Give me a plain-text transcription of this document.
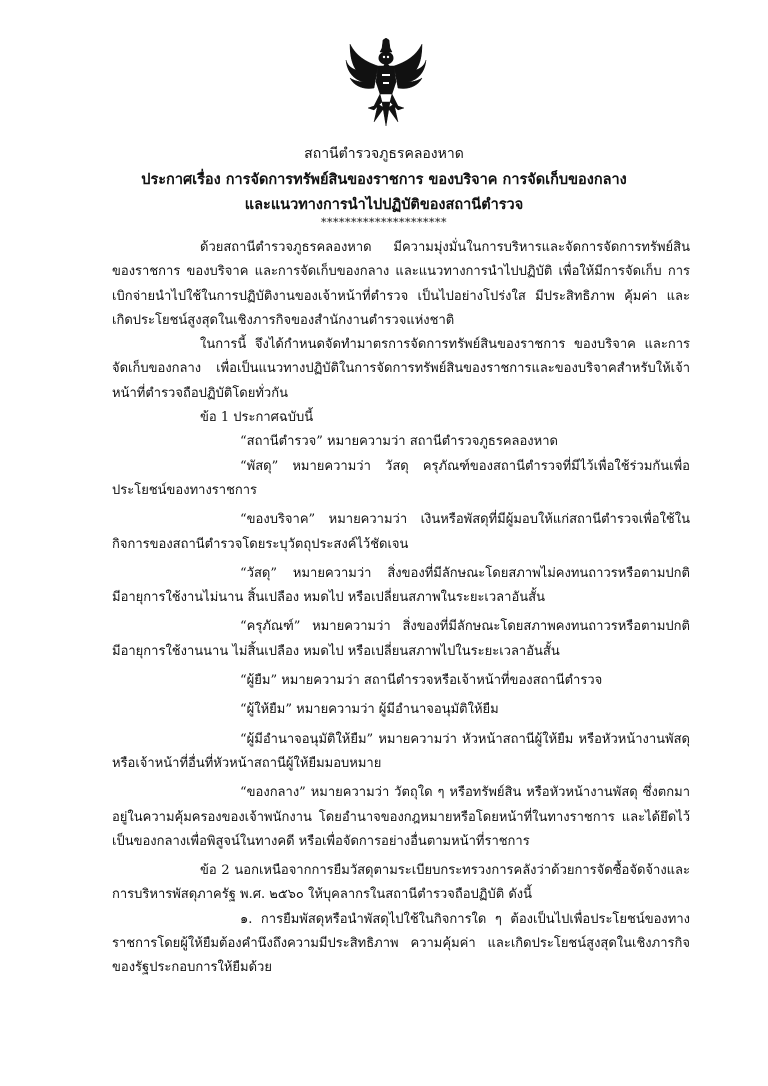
สถานีตำรวจภูธรคลองหาด
ประกาศเรื่อง การจัดการทรัพย์สินของราชการ ของบริจาค การจัดเก็บของกลาง
และแนวทางการนำไปปฏิบัติของสถานีตำรวจ
*********************

ด้วยสถานีตำรวจภูธรคลองหาด มีความมุ่งมั่นในการบริหารและจัดการจัดการทรัพย์สินของราชการ ของบริจาค และการจัดเก็บของกลาง และแนวทางการนำไปปฏิบัติ เพื่อให้มีการจัดเก็บ การเบิกจ่ายนำไปใช้ในการปฏิบัติงานของเจ้าหน้าที่ตำรวจ เป็นไปอย่างโปร่งใส มีประสิทธิภาพ คุ้มค่า และเกิดประโยชน์สูงสุดในเชิงภารกิจของสำนักงานตำรวจแห่งชาติ

ในการนี้ จึงได้กำหนดจัดทำมาตรการจัดการทรัพย์สินของราชการ ของบริจาค และการจัดเก็บของกลาง เพื่อเป็นแนวทางปฏิบัติในการจัดการทรัพย์สินของราชการและของบริจาคสำหรับให้เจ้าหน้าที่ตำรวจถือปฏิบัติโดยทั่วกัน

ข้อ 1 ประกาศฉบับนี้

“สถานีตำรวจ” หมายความว่า สถานีตำรวจภูธรคลองหาด

“พัสดุ” หมายความว่า วัสดุ ครุภัณฑ์ของสถานีตำรวจที่มีไว้เพื่อใช้ร่วมกันเพื่อประโยชน์ของทางราชการ

“ของบริจาค” หมายความว่า เงินหรือพัสดุที่มีผู้มอบให้แก่สถานีตำรวจเพื่อใช้ในกิจการของสถานีตำรวจโดยระบุวัตถุประสงค์ไว้ชัดเจน

“วัสดุ” หมายความว่า สิ่งของที่มีลักษณะโดยสภาพไม่คงทนถาวรหรือตามปกติมีอายุการใช้งานไม่นาน สิ้นเปลือง หมดไป หรือเปลี่ยนสภาพในระยะเวลาอันสั้น

“ครุภัณฑ์” หมายความว่า สิ่งของที่มีลักษณะโดยสภาพคงทนถาวรหรือตามปกติมีอายุการใช้งานนาน ไม่สิ้นเปลือง หมดไป หรือเปลี่ยนสภาพไปในระยะเวลาอันสั้น

“ผู้ยืม” หมายความว่า สถานีตำรวจหรือเจ้าหน้าที่ของสถานีตำรวจ

“ผู้ให้ยืม” หมายความว่า ผู้มีอำนาจอนุมัติให้ยืม

“ผู้มีอำนาจอนุมัติให้ยืม” หมายความว่า หัวหน้าสถานีผู้ให้ยืม หรือหัวหน้างานพัสดุหรือเจ้าหน้าที่อื่นที่หัวหน้าสถานีผู้ให้ยืมมอบหมาย

“ของกลาง” หมายความว่า วัตถุใด ๆ หรือทรัพย์สิน หรือหัวหน้างานพัสดุ ซึ่งตกมาอยู่ในความคุ้มครองของเจ้าพนักงาน โดยอำนาจของกฎหมายหรือโดยหน้าที่ในทางราชการ และได้ยึดไว้เป็นของกลางเพื่อพิสูจน์ในทางคดี หรือเพื่อจัดการอย่างอื่นตามหน้าที่ราชการ

ข้อ 2 นอกเหนือจากการยืมวัสดุตามระเบียบกระทรวงการคลังว่าด้วยการจัดซื้อจัดจ้างและการบริหารพัสดุภาครัฐ พ.ศ. ๒๕๖๐ ให้บุคลากรในสถานีตำรวจถือปฏิบัติ ดังนี้

๑. การยืมพัสดุหรือนำพัสดุไปใช้ในกิจการใด ๆ ต้องเป็นไปเพื่อประโยชน์ของทางราชการโดยผู้ให้ยืมต้องคำนึงถึงความมีประสิทธิภาพ ความคุ้มค่า และเกิดประโยชน์สูงสุดในเชิงภารกิจของรัฐประกอบการให้ยืมด้วย
